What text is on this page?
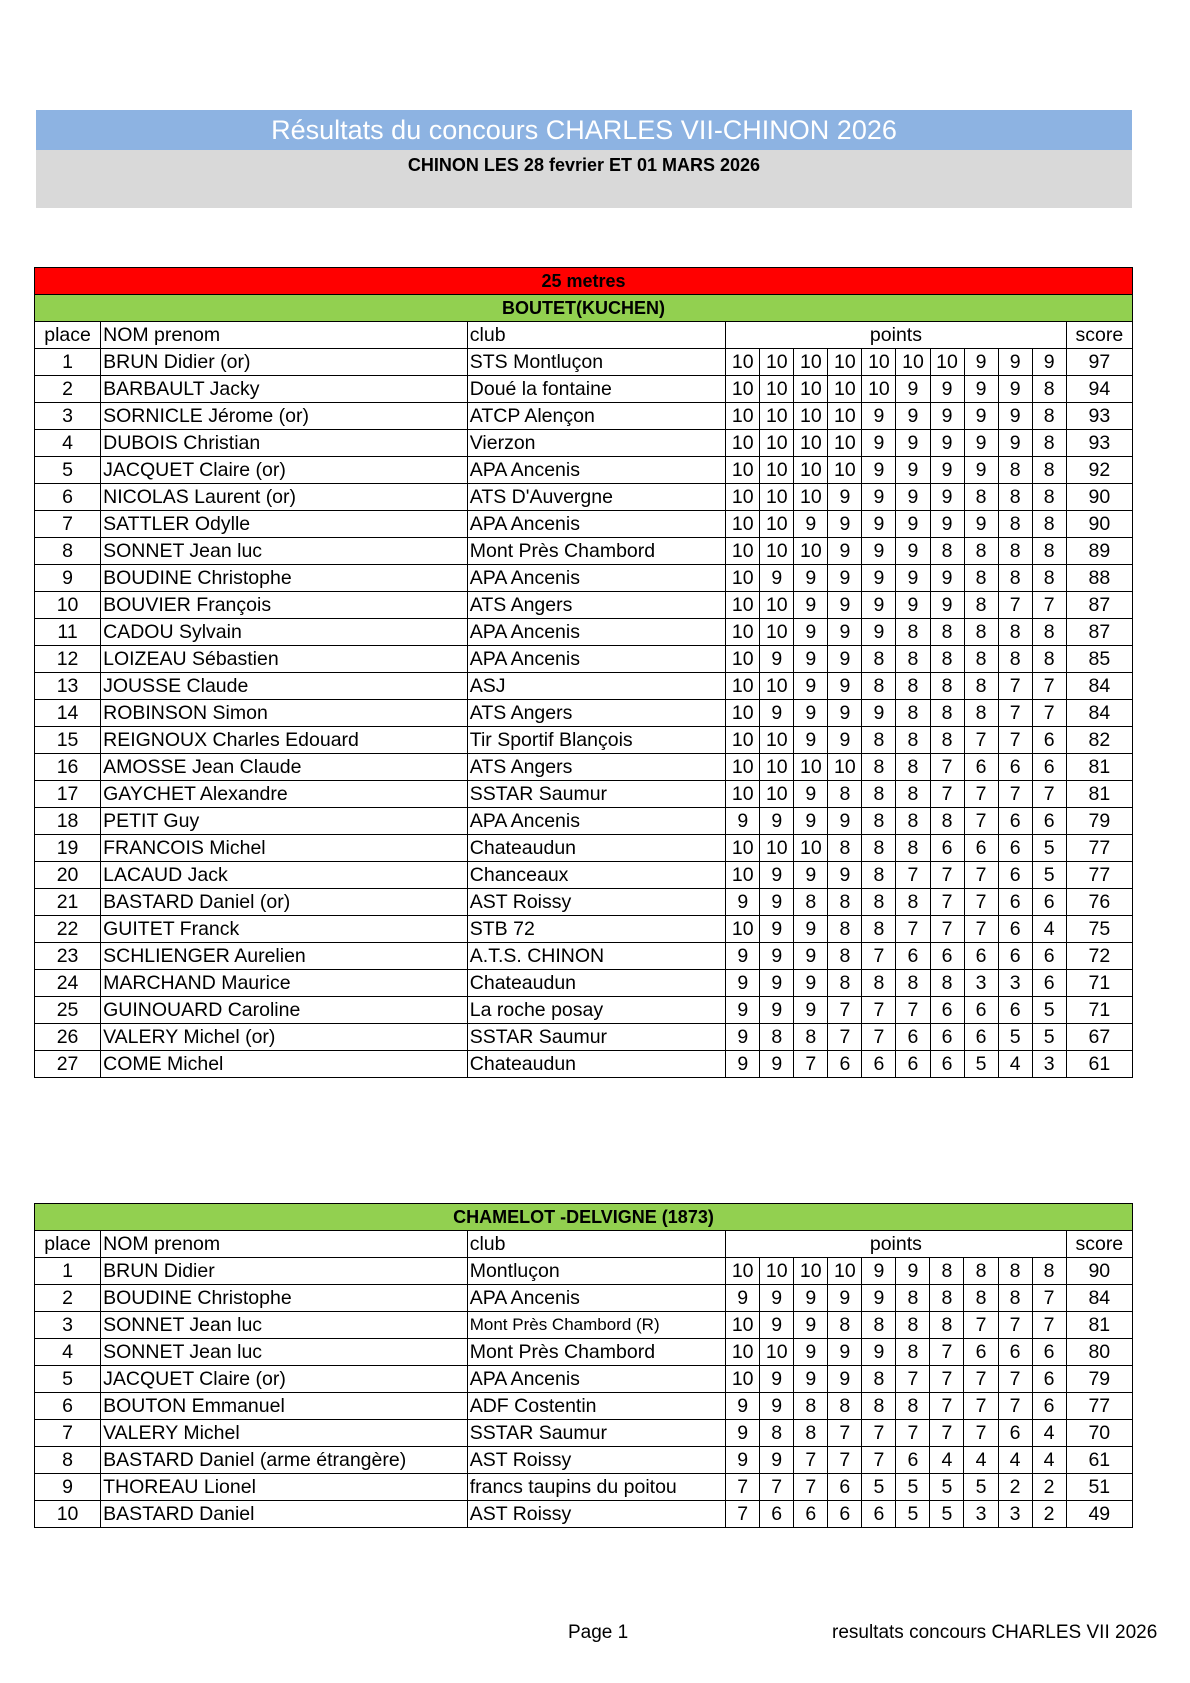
Résultats du concours CHARLES VII-CHINON 2026
CHINON LES 28 fevrier ET 01 MARS 2026
25 metres													
BOUTET(KUCHEN)													
place	NOM prenom	club	points										score
1	BRUN Didier (or)	STS Montluçon	10	10	10	10	10	10	10	9	9	9	97
2	BARBAULT Jacky	Doué la fontaine	10	10	10	10	10	9	9	9	9	8	94
3	SORNICLE Jérome (or)	ATCP Alençon	10	10	10	10	9	9	9	9	9	8	93
4	DUBOIS Christian	Vierzon	10	10	10	10	9	9	9	9	9	8	93
5	JACQUET Claire (or)	APA Ancenis	10	10	10	10	9	9	9	9	8	8	92
6	NICOLAS Laurent (or)	ATS D'Auvergne	10	10	10	9	9	9	9	8	8	8	90
7	SATTLER Odylle	APA Ancenis	10	10	9	9	9	9	9	9	8	8	90
8	SONNET Jean luc	Mont Près Chambord	10	10	10	9	9	9	8	8	8	8	89
9	BOUDINE Christophe	APA Ancenis	10	9	9	9	9	9	9	8	8	8	88
10	BOUVIER François	ATS Angers	10	10	9	9	9	9	9	8	7	7	87
11	CADOU Sylvain	APA Ancenis	10	10	9	9	9	8	8	8	8	8	87
12	LOIZEAU Sébastien	APA Ancenis	10	9	9	9	8	8	8	8	8	8	85
13	JOUSSE Claude	ASJ	10	10	9	9	8	8	8	8	7	7	84
14	ROBINSON Simon	ATS Angers	10	9	9	9	9	8	8	8	7	7	84
15	REIGNOUX Charles Edouard	Tir Sportif Blançois	10	10	9	9	8	8	8	7	7	6	82
16	AMOSSE Jean Claude	ATS Angers	10	10	10	10	8	8	7	6	6	6	81
17	GAYCHET Alexandre	SSTAR Saumur	10	10	9	8	8	8	7	7	7	7	81
18	PETIT Guy	APA Ancenis	9	9	9	9	8	8	8	7	6	6	79
19	FRANCOIS Michel	Chateaudun	10	10	10	8	8	8	6	6	6	5	77
20	LACAUD Jack	Chanceaux	10	9	9	9	8	7	7	7	6	5	77
21	BASTARD Daniel (or)	AST Roissy	9	9	8	8	8	8	7	7	6	6	76
22	GUITET Franck	STB 72	10	9	9	8	8	7	7	7	6	4	75
23	SCHLIENGER Aurelien	A.T.S. CHINON	9	9	9	8	7	6	6	6	6	6	72
24	MARCHAND Maurice	Chateaudun	9	9	9	8	8	8	8	3	3	6	71
25	GUINOUARD Caroline	La roche posay	9	9	9	7	7	7	6	6	6	5	71
26	VALERY Michel (or)	SSTAR Saumur	9	8	8	7	7	6	6	6	5	5	67
27	COME Michel	Chateaudun	9	9	7	6	6	6	6	5	4	3	61
CHAMELOT -DELVIGNE (1873)													
place	NOM prenom	club	points										score
1	BRUN Didier	Montluçon	10	10	10	10	9	9	8	8	8	8	90
2	BOUDINE Christophe	APA Ancenis	9	9	9	9	9	8	8	8	8	7	84
3	SONNET Jean luc	Mont Près Chambord (R)	10	9	9	8	8	8	8	7	7	7	81
4	SONNET Jean luc	Mont Près Chambord	10	10	9	9	9	8	7	6	6	6	80
5	JACQUET Claire (or)	APA Ancenis	10	9	9	9	8	7	7	7	7	6	79
6	BOUTON Emmanuel	ADF Costentin	9	9	8	8	8	8	7	7	7	6	77
7	VALERY Michel	SSTAR Saumur	9	8	8	7	7	7	7	7	6	4	70
8	BASTARD Daniel (arme étrangère)	AST Roissy	9	9	7	7	7	6	4	4	4	4	61
9	THOREAU Lionel	francs taupins du poitou	7	7	7	6	5	5	5	5	2	2	51
10	BASTARD Daniel	AST Roissy	7	6	6	6	6	5	5	3	3	2	49
Page 1	resultats concours CHARLES VII 2026
